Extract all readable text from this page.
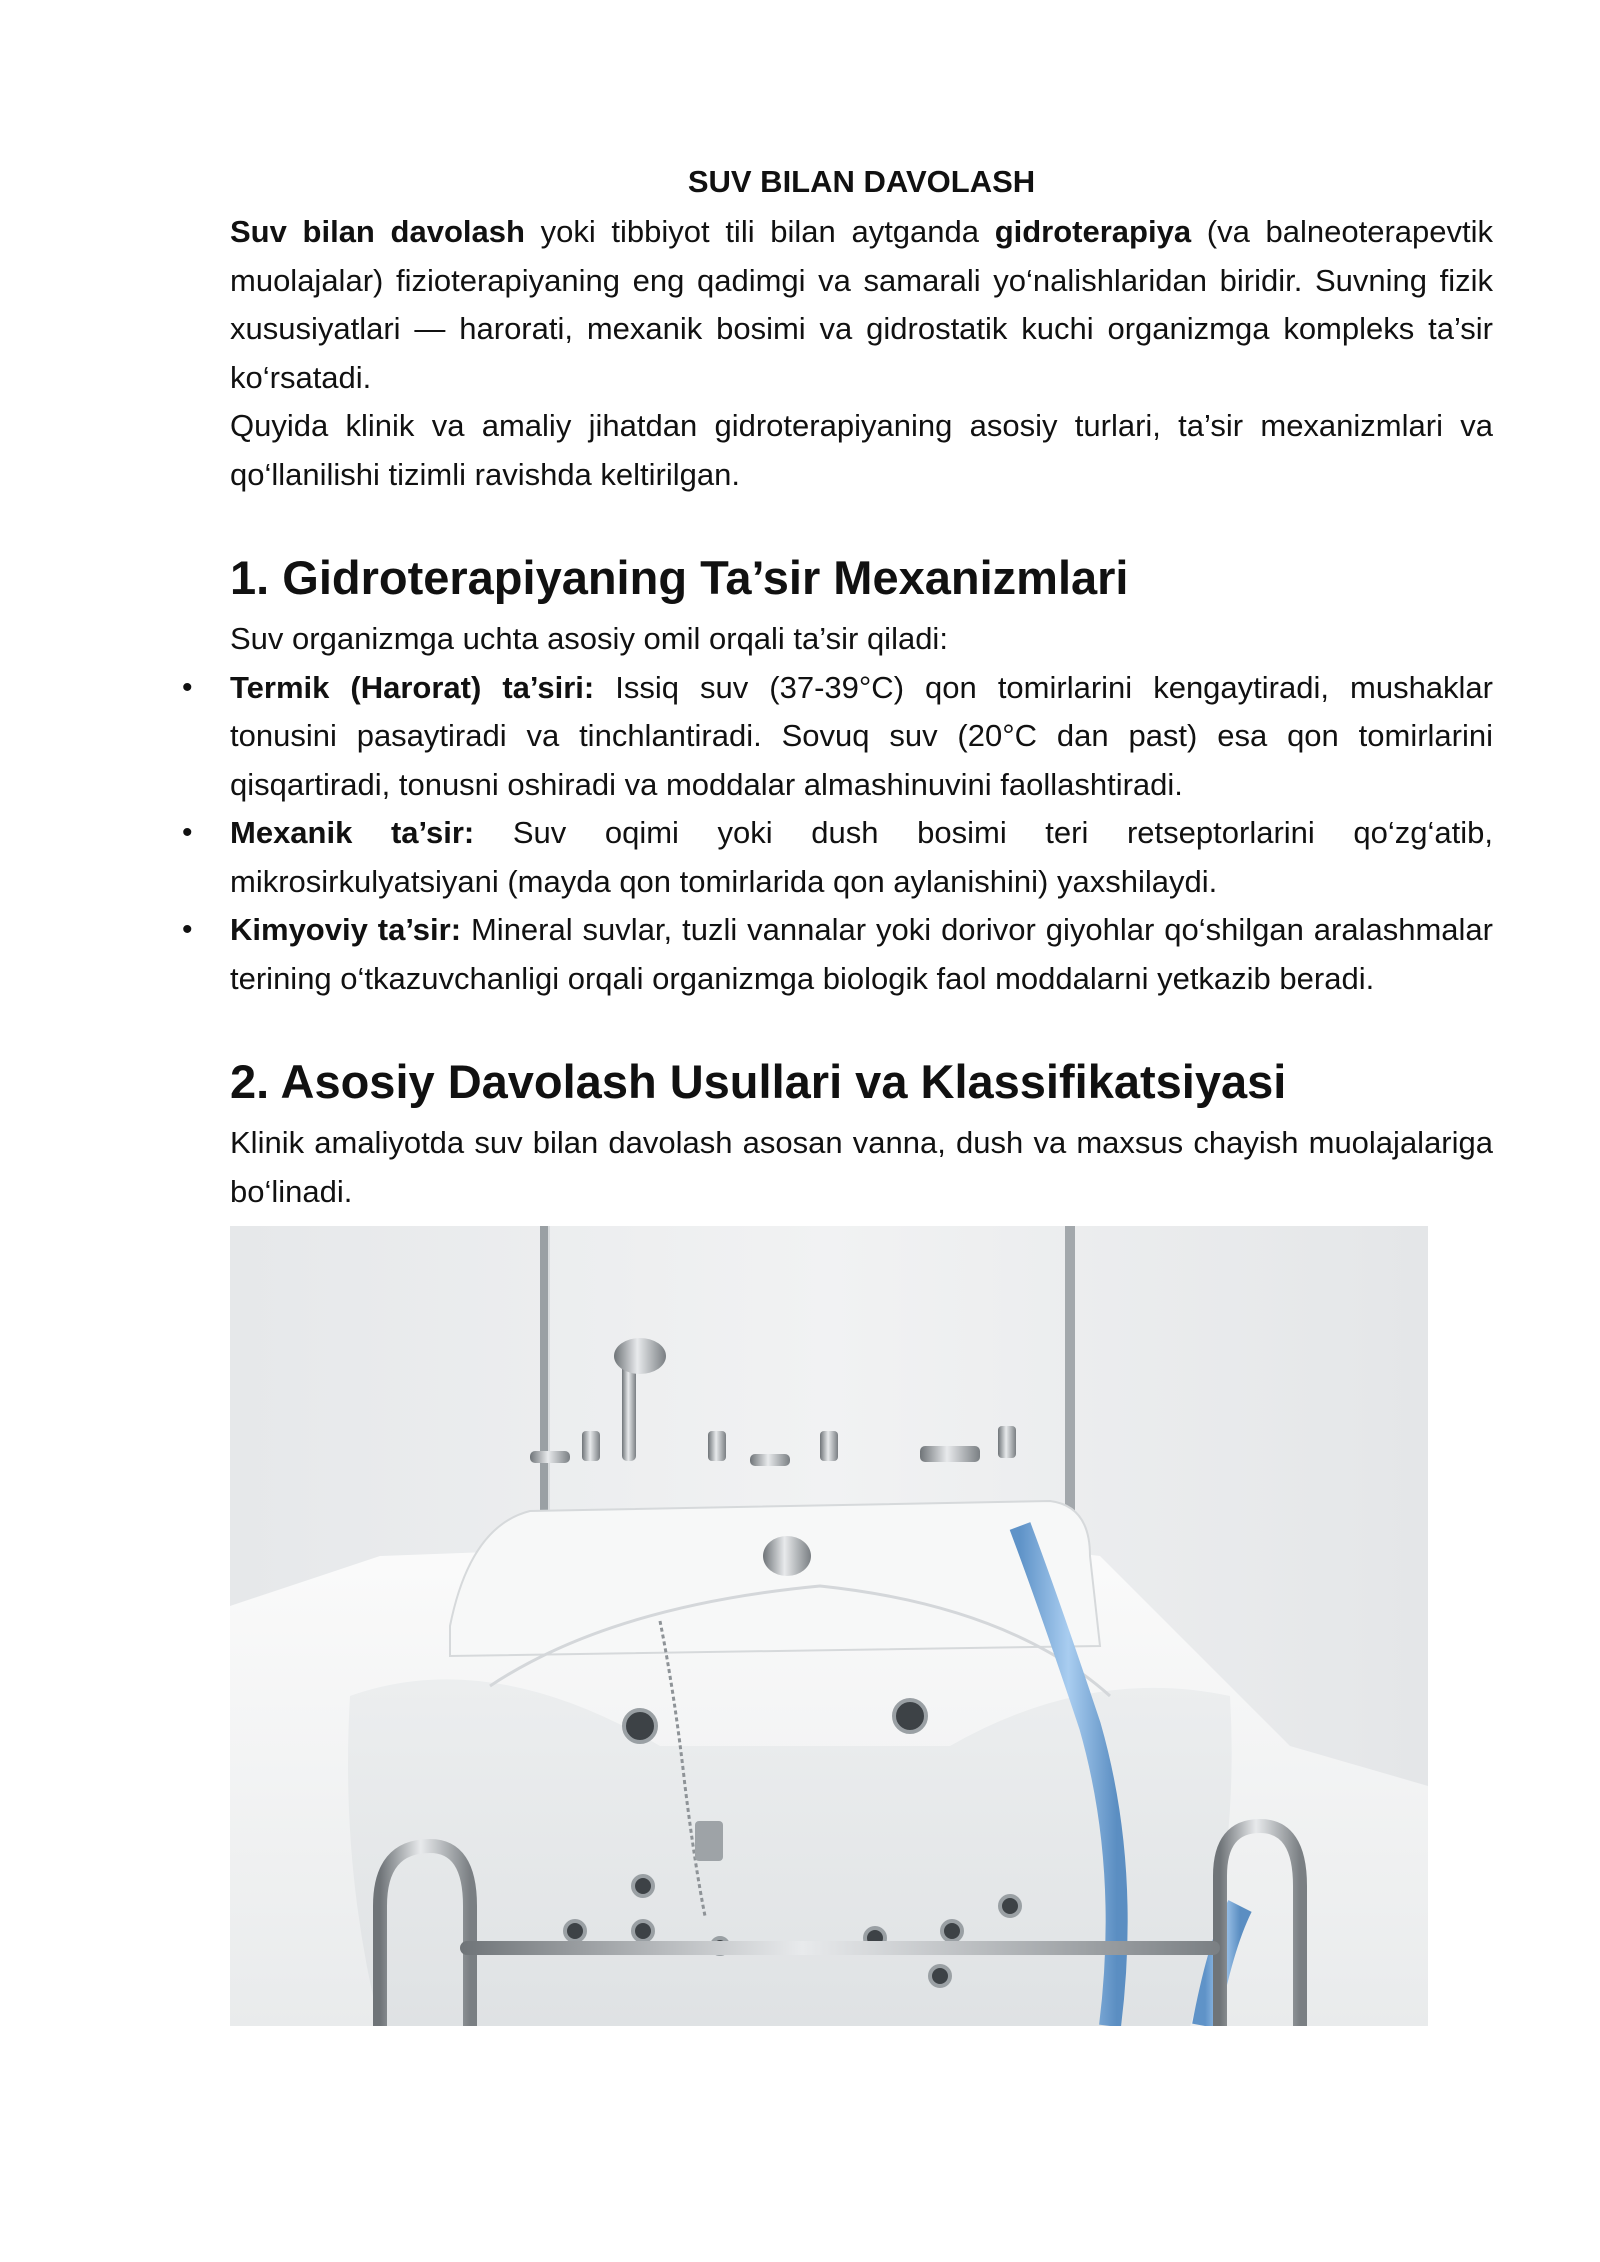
SUV BILAN DAVOLASH

Suv bilan davolash yoki tibbiyot tili bilan aytganda gidroterapiya (va balneoterapevtik muolajalar) fizioterapiyaning eng qadimgi va samarali yo‘nalishlaridan biridir. Suvning fizik xususiyatlari — harorati, mexanik bosimi va gidrostatik kuchi organizmga kompleks ta’sir ko‘rsatadi.

Quyida klinik va amaliy jihatdan gidroterapiyaning asosiy turlari, ta’sir mexanizmlari va qo‘llanilishi tizimli ravishda keltirilgan.

1. Gidroterapiyaning Ta’sir Mexanizmlari

Suv organizmga uchta asosiy omil orqali ta’sir qiladi:

• Termik (Harorat) ta’siri: Issiq suv (37-39°C) qon tomirlarini kengaytiradi, mushaklar tonusini pasaytiradi va tinchlantiradi. Sovuq suv (20°C dan past) esa qon tomirlarini qisqartiradi, tonusni oshiradi va moddalar almashinuvini faollashtiradi.
• Mexanik ta’sir: Suv oqimi yoki dush bosimi teri retseptorlarini qo‘zg‘atib, mikrosirkulyatsiyani (mayda qon tomirlarida qon aylanishini) yaxshilaydi.
• Kimyoviy ta’sir: Mineral suvlar, tuzli vannalar yoki dorivor giyohlar qo‘shilgan aralashmalar terining o‘tkazuvchanligi orqali organizmga biologik faol moddalarni yetkazib beradi.
2. Asosiy Davolash Usullari va Klassifikatsiyasi

Klinik amaliyotda suv bilan davolash asosan vanna, dush va maxsus chayish muolajalariga bo‘linadi.
